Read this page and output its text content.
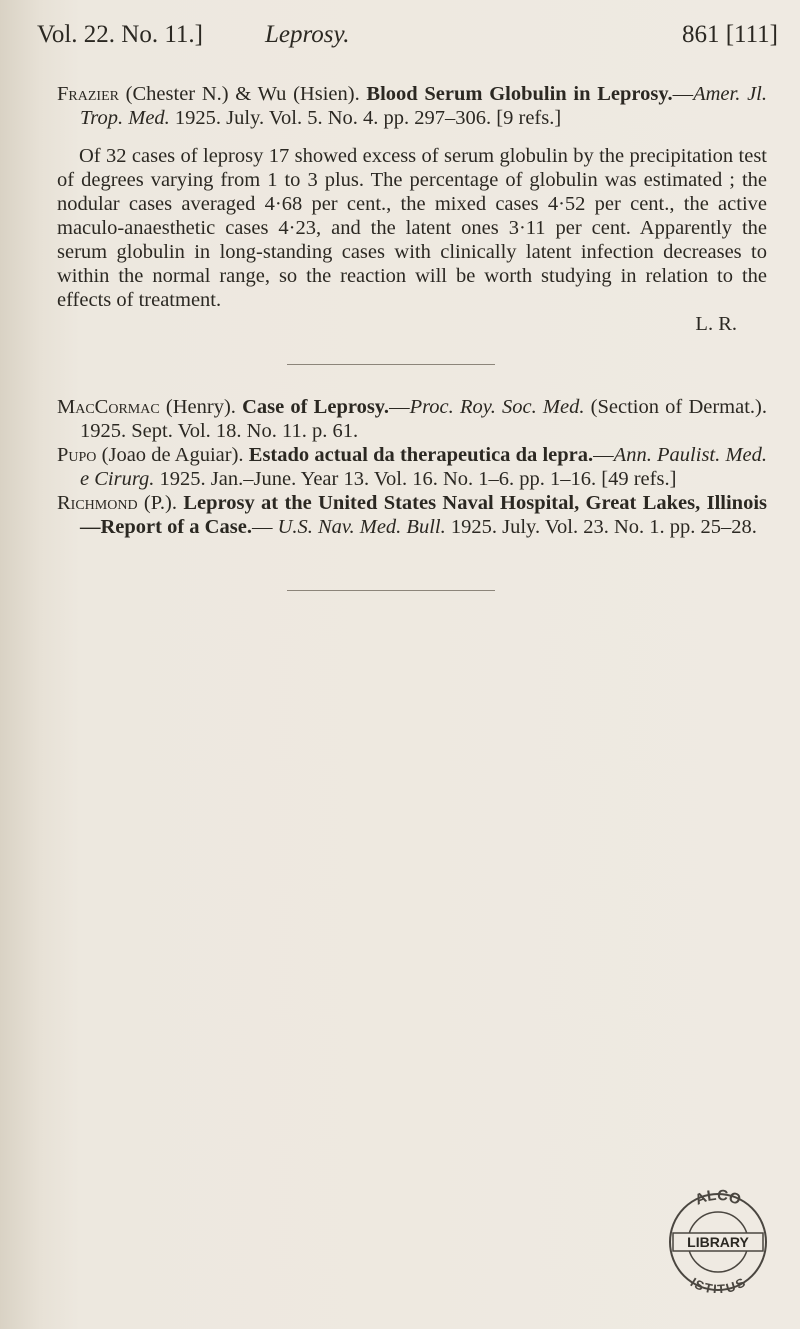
Vol. 22. No. 11.] Leprosy.	861 [111]

Frazier (Chester N.) & Wu (Hsien). Blood Serum Globulin in Leprosy.—Amer. Jl. Trop. Med. 1925. July. Vol. 5. No. 4. pp. 297–306. [9 refs.]

Of 32 cases of leprosy 17 showed excess of serum globulin by the precipitation test of degrees varying from 1 to 3 plus. The percentage of globulin was estimated ; the nodular cases averaged 4·68 per cent., the mixed cases 4·52 per cent., the active maculo-anaesthetic cases 4·23, and the latent ones 3·11 per cent. Apparently the serum globulin in long-standing cases with clinically latent infection decreases to within the normal range, so the reaction will be worth studying in relation to the effects of treatment.

L. R.

MacCormac (Henry). Case of Leprosy.—Proc. Roy. Soc. Med. (Section of Dermat.). 1925. Sept. Vol. 18. No. 11. p. 61.

Pupo (Joao de Aguiar). Estado actual da therapeutica da lepra.—Ann. Paulist. Med. e Cirurg. 1925. Jan.–June. Year 13. Vol. 16. No. 1–6. pp. 1–16. [49 refs.]

Richmond (P.). Leprosy at the United States Naval Hospital, Great Lakes, Illinois—Report of a Case.— U.S. Nav. Med. Bull. 1925. July. Vol. 23. No. 1. pp. 25–28.

ALCO
LIBRARY
ISTITUS
